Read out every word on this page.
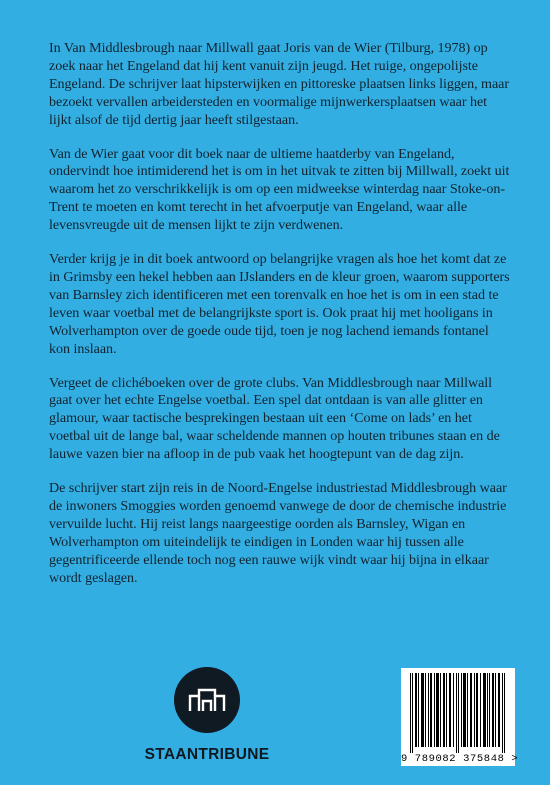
In Van Middlesbrough naar Millwall gaat Joris van de Wier (Tilburg, 1978) op zoek naar het Engeland dat hij kent vanuit zijn jeugd. Het ruige, ongepolijste Engeland. De schrijver laat hipsterwijken en pittoreske plaatsen links liggen, maar bezoekt vervallen arbeidersteden en voormalige mijnwerkersplaatsen waar het lijkt alsof de tijd dertig jaar heeft stilgestaan.

Van de Wier gaat voor dit boek naar de ultieme haatderby van Engeland, ondervindt hoe intimiderend het is om in het uitvak te zitten bij Millwall, zoekt uit waarom het zo verschrikkelijk is om op een midweekse winterdag naar Stoke-on-Trent te moeten en komt terecht in het afvoerputje van Engeland, waar alle levensvreugde uit de mensen lijkt te zijn verdwenen.

Verder krijg je in dit boek antwoord op belangrijke vragen als hoe het komt dat ze in Grimsby een hekel hebben aan IJslanders en de kleur groen, waarom supporters van Barnsley zich identificeren met een torenvalk en hoe het is om in een stad te leven waar voetbal met de belangrijkste sport is. Ook praat hij met hooligans in Wolverhampton over de goede oude tijd, toen je nog lachend iemands fontanel kon inslaan.

Vergeet de clichéboeken over de grote clubs. Van Middlesbrough naar Millwall gaat over het echte Engelse voetbal. Een spel dat ontdaan is van alle glitter en glamour, waar tactische besprekingen bestaan uit een ‘Come on lads’ en het voetbal uit de lange bal, waar scheldende mannen op houten tribunes staan en de lauwe vazen bier na afloop in de pub vaak het hoogtepunt van de dag zijn.

De schrijver start zijn reis in de Noord-Engelse industriestad Middlesbrough waar de inwoners Smoggies worden genoemd vanwege de door de chemische industrie vervuilde lucht. Hij reist langs naargeestige oorden als Barnsley, Wigan en Wolverhampton om uiteindelijk te eindigen in Londen waar hij tussen alle gegentrificeerde ellende toch nog een rauwe wijk vindt waar hij bijna in elkaar wordt geslagen.

STAANTRIBUNE	9 789082 375848 >
